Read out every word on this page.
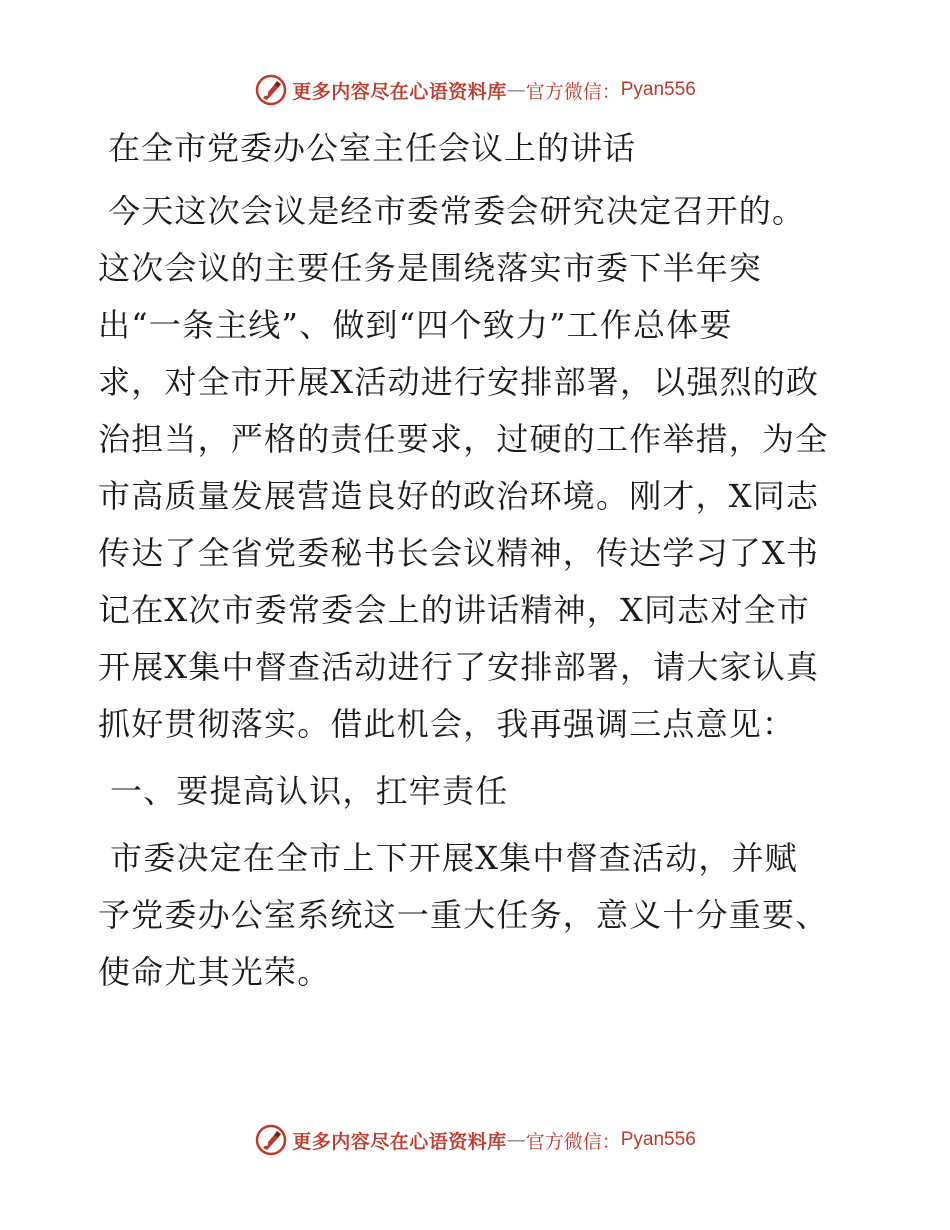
更多内容尽在心语资料库 — 官方微信： Pyan556

在全市党委办公室主任会议上的讲话

今天这次会议是经市委常委会研究决定召开的。
这次会议的主要任务是围绕落实市委下半年突
出“一条主线”、做到“四个致力”工作总体要
求，对全市开展X活动进行安排部署，以强烈的政
治担当，严格的责任要求，过硬的工作举措，为全
市高质量发展营造良好的政治环境。刚才，X同志
传达了全省党委秘书长会议精神，传达学习了X书
记在X次市委常委会上的讲话精神，X同志对全市
开展X集中督查活动进行了安排部署，请大家认真
抓好贯彻落实。借此机会，我再强调三点意见：

一、要提高认识，扛牢责任

市委决定在全市上下开展X集中督查活动，并赋
予党委办公室系统这一重大任务，意义十分重要、
使命尤其光荣。
更多内容尽在心语资料库 — 官方微信： Pyan556
